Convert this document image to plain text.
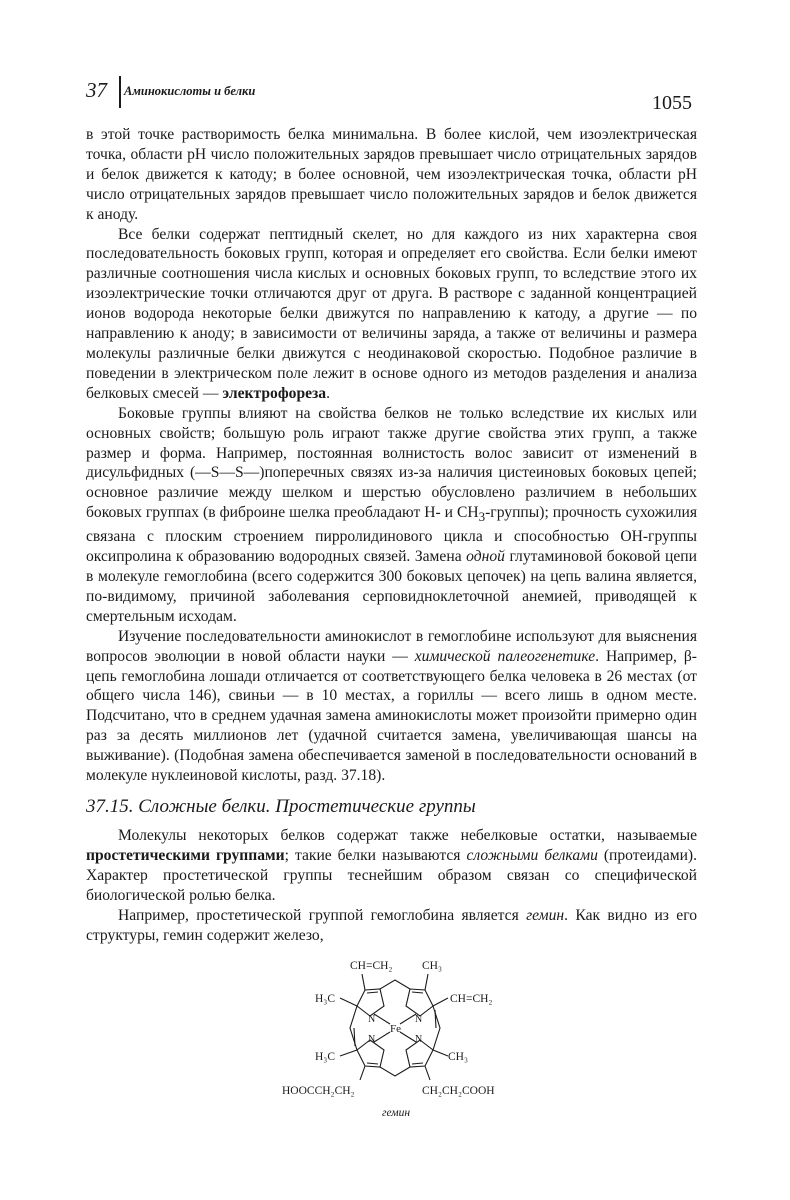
37 Аминокислоты и белки
1055

в этой точке растворимость белка минимальна. В более кислой, чем изоэлектрическая точка, области pH число положительных зарядов превышает число отрицательных зарядов и белок движется к катоду; в более основной, чем изоэлектрическая точка, области pH число отрицательных зарядов превышает число положительных зарядов и белок движется к аноду.

Все белки содержат пептидный скелет, но для каждого из них характерна своя последовательность боковых групп, которая и определяет его свойства. Если белки имеют различные соотношения числа кислых и основных боковых групп, то вследствие этого их изоэлектрические точки отличаются друг от друга. В растворе с заданной концентрацией ионов водорода некоторые белки движутся по направлению к катоду, а другие — по направлению к аноду; в зависимости от величины заряда, а также от величины и размера молекулы различные белки движутся с неодинаковой скоростью. Подобное различие в поведении в электрическом поле лежит в основе одного из методов разделения и анализа белковых смесей — электрофореза.

Боковые группы влияют на свойства белков не только вследствие их кислых или основных свойств; большую роль играют также другие свойства этих групп, а также размер и форма. Например, постоянная волнистость волос зависит от изменений в дисульфидных (—S—S—)поперечных связях из-за наличия цистеиновых боковых цепей; основное различие между шелком и шерстью обусловлено различием в небольших боковых группах (в фиброине шелка преобладают Н- и $СН_3-группы$); прочность сухожилия связана с плоским строением пирролидинового цикла и способностью ОН-группы оксипролина к образованию водородных связей. Замена одной глутаминовой боковой цепи в молекуле гемоглобина (всего содержится 300 боковых цепочек) на цепь валина является, по-видимому, причиной заболевания серповидноклеточной анемией, приводящей к смертельным исходам.

Изучение последовательности аминокислот в гемоглобине используют для выяснения вопросов эволюции в новой области науки — химической палеогенетике. Например, β-цепь гемоглобина лошади отличается от соответствующего белка человека в 26 местах (от общего числа 146), свиньи — в 10 местах, а гориллы — всего лишь в одном месте. Подсчитано, что в среднем удачная замена аминокислоты может произойти примерно один раз за десять миллионов лет (удачной считается замена, увеличивающая шансы на выживание). (Подобная замена обеспечивается заменой в последовательности оснований в молекуле нуклеиновой кислоты, разд. 37.18).

37.15. Сложные белки. Простетические группы

Молекулы некоторых белков содержат также небелковые остатки, называемые простетическими группами; такие белки называются сложными белками (протеидами). Характер простетической группы теснейшим образом связан со специфической биологической ролью белка.

Например, простетической группой гемоглобина является гемин. Как видно из его структуры, гемин содержит железо,

CH=CH₂	CH₃
H₃C	CH=CH₂
H₃C	CH₃
HOOCCH₂CH₂	CH₂CH₂COOH
Fe
N	N
N	N
гемин
